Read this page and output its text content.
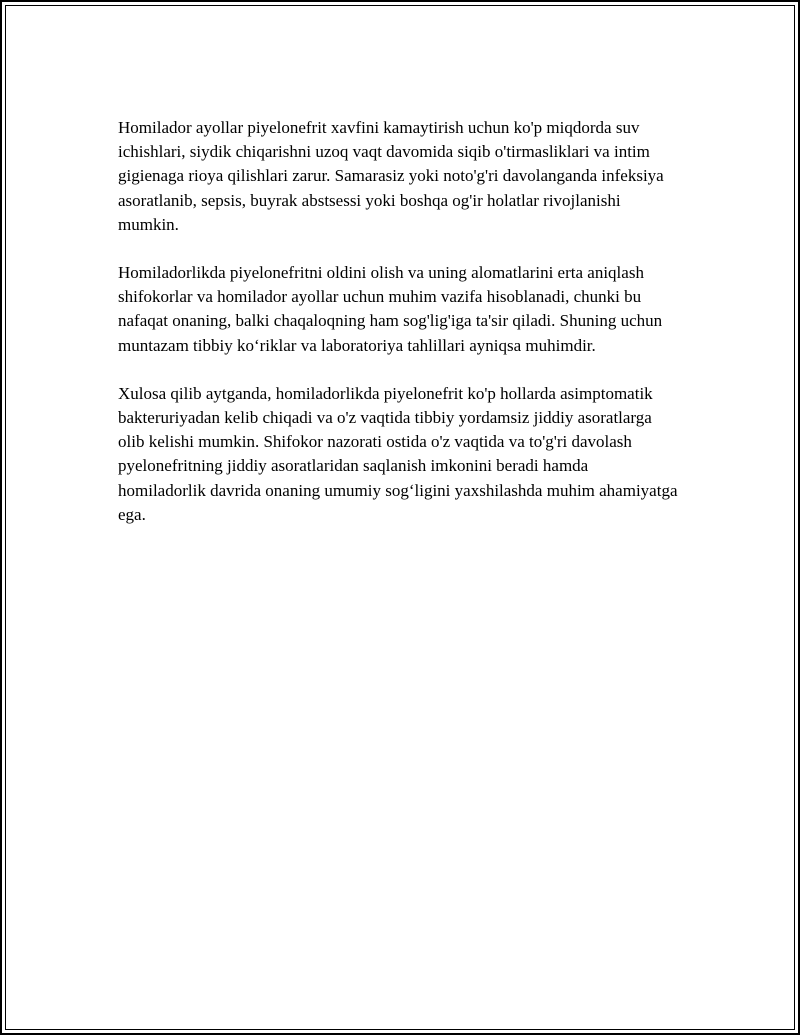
Homilador ayollar piyelonefrit xavfini kamaytirish uchun ko'p miqdorda suv ichishlari, siydik chiqarishni uzoq vaqt davomida siqib o'tirmasliklari va intim gigienaga rioya qilishlari zarur. Samarasiz yoki noto'g'ri davolanganda infeksiya asoratlanib, sepsis, buyrak abstsessi yoki boshqa og'ir holatlar rivojlanishi mumkin.

Homiladorlikda piyelonefritni oldini olish va uning alomatlarini erta aniqlash shifokorlar va homilador ayollar uchun muhim vazifa hisoblanadi, chunki bu nafaqat onaning, balki chaqaloqning ham sog'lig'iga ta'sir qiladi. Shuning uchun muntazam tibbiy koʻriklar va laboratoriya tahlillari ayniqsa muhimdir.

Xulosa qilib aytganda, homiladorlikda piyelonefrit ko'p hollarda asimptomatik bakteruriyadan kelib chiqadi va o'z vaqtida tibbiy yordamsiz jiddiy asoratlarga olib kelishi mumkin. Shifokor nazorati ostida o'z vaqtida va to'g'ri davolash pyelonefritning jiddiy asoratlaridan saqlanish imkonini beradi hamda homiladorlik davrida onaning umumiy sogʻligini yaxshilashda muhim ahamiyatga ega.
